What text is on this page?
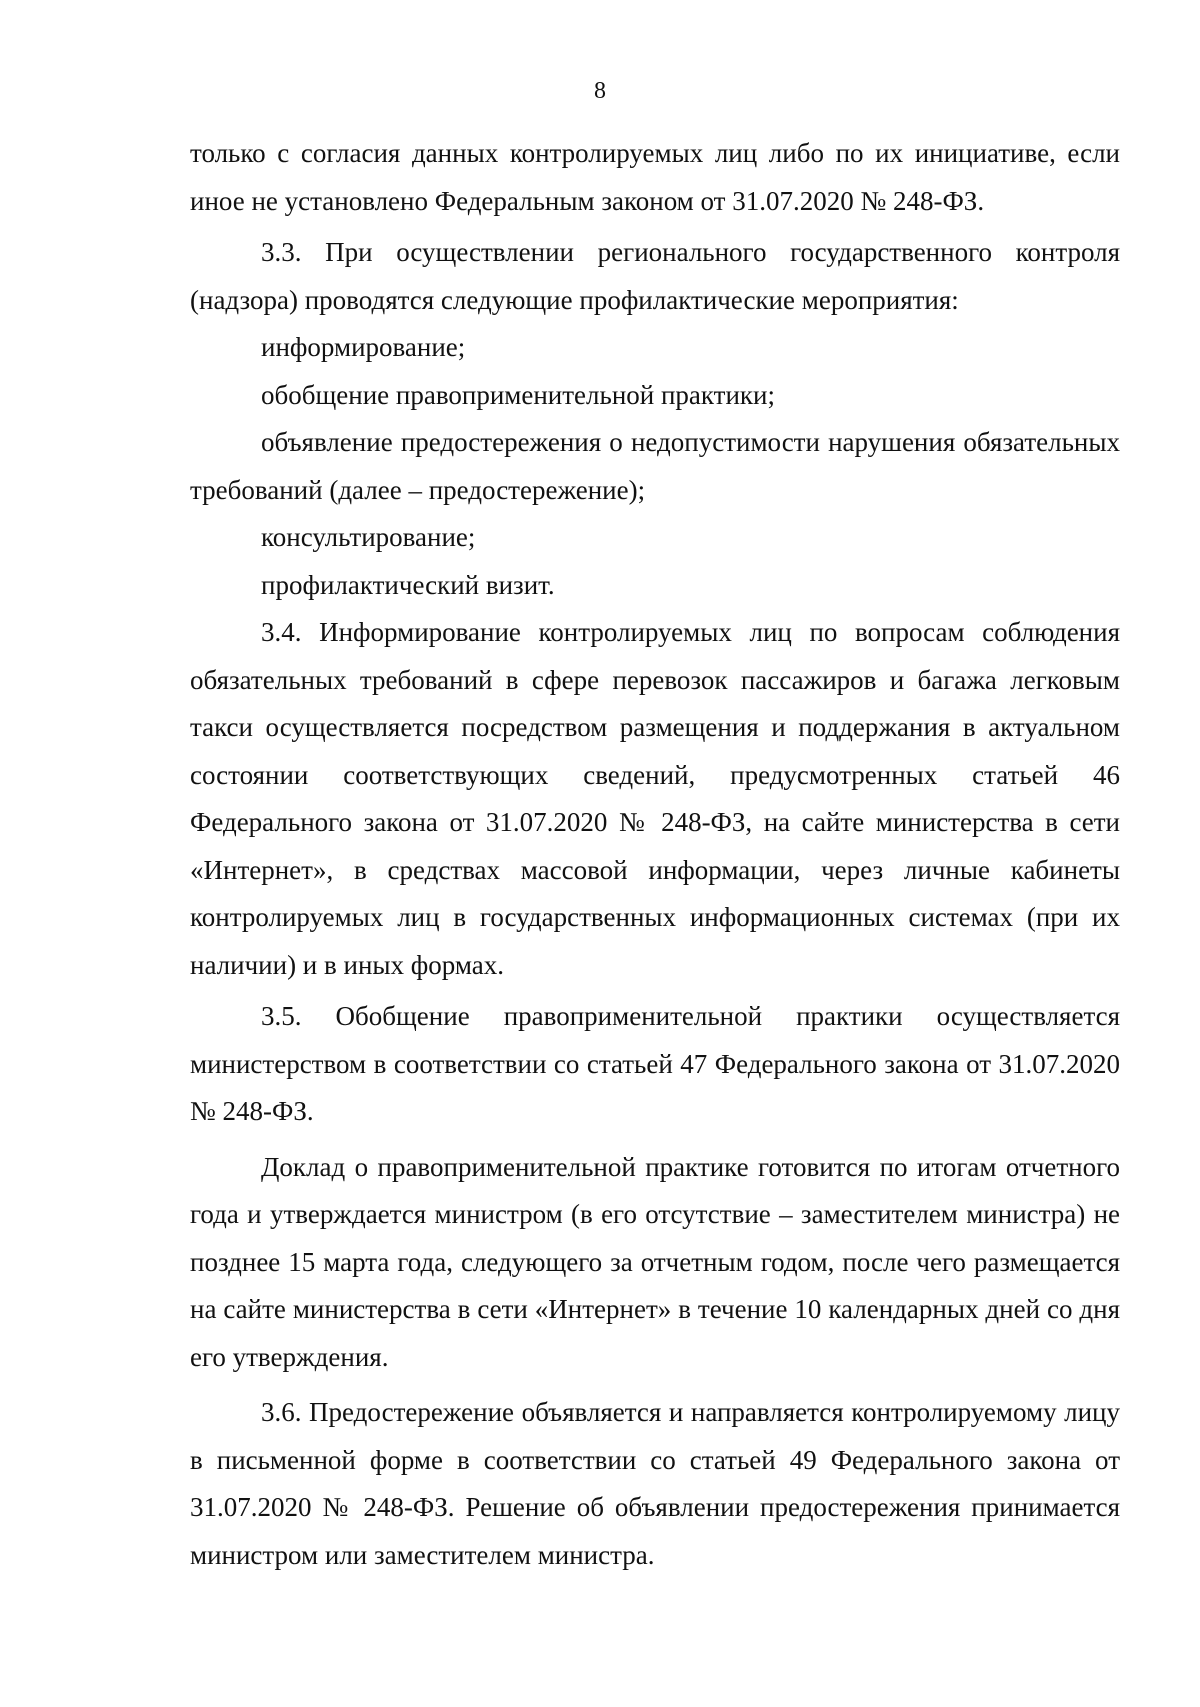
8

только с согласия данных контролируемых лиц либо по их инициативе, если иное не установлено Федеральным законом от 31.07.2020 № 248-ФЗ.

3.3. При осуществлении регионального государственного контроля (надзора) проводятся следующие профилактические мероприятия:

информирование;

обобщение правоприменительной практики;

объявление предостережения о недопустимости нарушения обязательных требований (далее – предостережение);

консультирование;

профилактический визит.

3.4. Информирование контролируемых лиц по вопросам соблюдения обязательных требований в сфере перевозок пассажиров и багажа легковым такси осуществляется посредством размещения и поддержания в актуальном состоянии соответствующих сведений, предусмотренных статьей 46 Федерального закона от 31.07.2020 № 248-ФЗ, на сайте министерства в сети «Интернет», в средствах массовой информации, через личные кабинеты контролируемых лиц в государственных информационных системах (при их наличии) и в иных формах.

3.5. Обобщение правоприменительной практики осуществляется министерством в соответствии со статьей 47 Федерального закона от 31.07.2020 № 248-ФЗ.

Доклад о правоприменительной практике готовится по итогам отчетного года и утверждается министром (в его отсутствие – заместителем министра) не позднее 15 марта года, следующего за отчетным годом, после чего размещается на сайте министерства в сети «Интернет» в течение 10 календарных дней со дня его утверждения.

3.6. Предостережение объявляется и направляется контролируемому лицу в письменной форме в соответствии со статьей 49 Федерального закона от 31.07.2020 № 248-ФЗ. Решение об объявлении предостережения принимается министром или заместителем министра.
